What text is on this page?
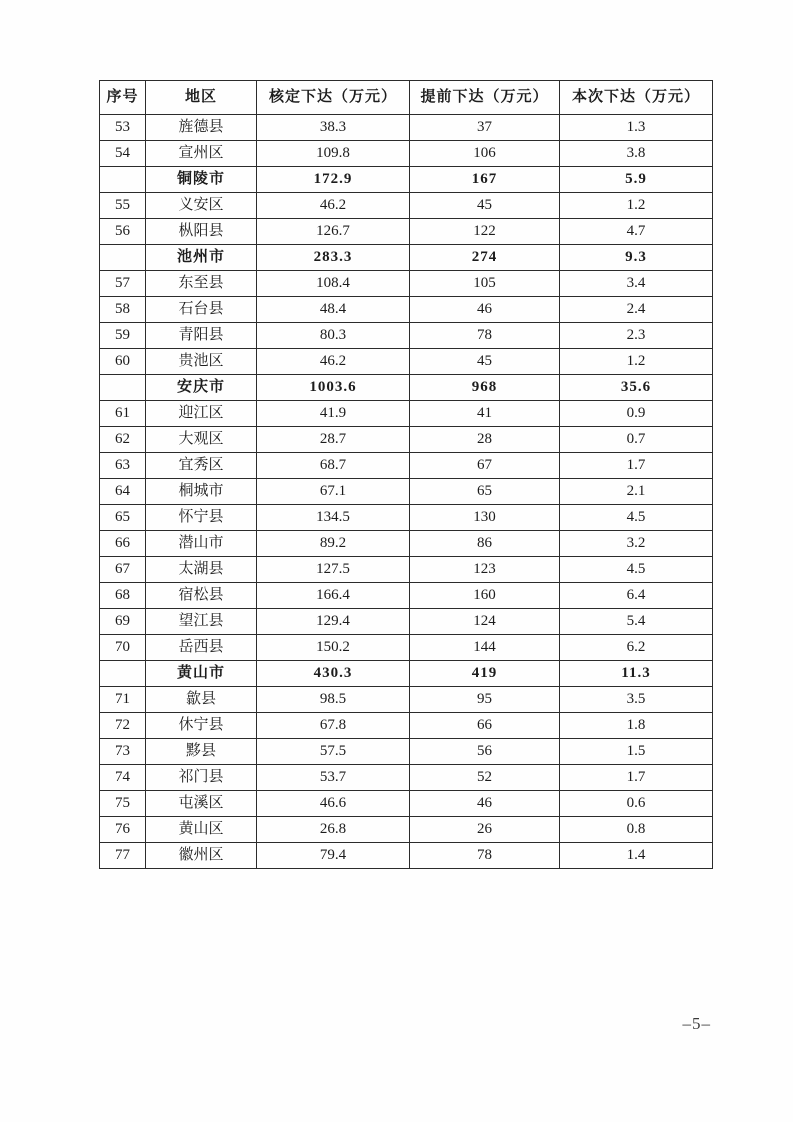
序号	地区	核定下达（万元）	提前下达（万元）	本次下达（万元）
53	旌德县	38.3	37	1.3
54	宣州区	109.8	106	3.8
	铜陵市	172.9	167	5.9
55	义安区	46.2	45	1.2
56	枞阳县	126.7	122	4.7
	池州市	283.3	274	9.3
57	东至县	108.4	105	3.4
58	石台县	48.4	46	2.4
59	青阳县	80.3	78	2.3
60	贵池区	46.2	45	1.2
	安庆市	1003.6	968	35.6
61	迎江区	41.9	41	0.9
62	大观区	28.7	28	0.7
63	宜秀区	68.7	67	1.7
64	桐城市	67.1	65	2.1
65	怀宁县	134.5	130	4.5
66	潜山市	89.2	86	3.2
67	太湖县	127.5	123	4.5
68	宿松县	166.4	160	6.4
69	望江县	129.4	124	5.4
70	岳西县	150.2	144	6.2
	黄山市	430.3	419	11.3
71	歙县	98.5	95	3.5
72	休宁县	67.8	66	1.8
73	黟县	57.5	56	1.5
74	祁门县	53.7	52	1.7
75	屯溪区	46.6	46	0.6
76	黄山区	26.8	26	0.8
77	徽州区	79.4	78	1.4
–5–
